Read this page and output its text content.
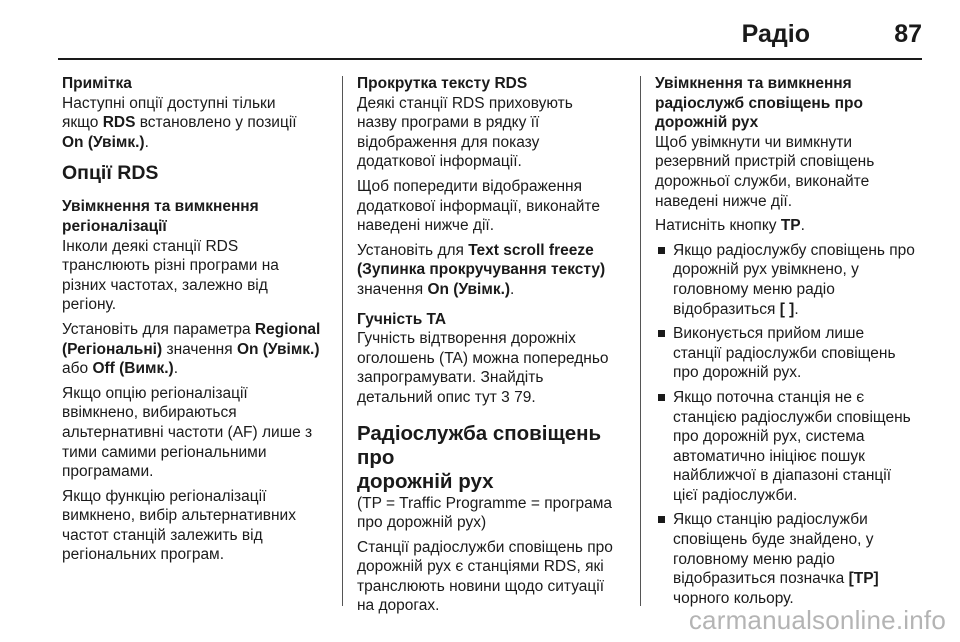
Радіо	87
Примітка
Наступні опції доступні тільки
якщо RDS встановлено у позиції
On (Увімк.).
Опції RDS
Увімкнення та вимкнення
регіоналізації

Інколи деякі станції RDS
транслюють різні програми на
різних частотах, залежно від
регіону.

Установіть для параметра Regional
(Регіональні) значення On (Увімк.)
або Off (Вимк.).

Якщо опцію регіоналізації
ввімкнено, вибираються
альтернативні частоти (AF) лише з
тими самими регіональними
програмами.

Якщо функцію регіоналізації
вимкнено, вибір альтернативних
частот станцій залежить від
регіональних програм.

Прокрутка тексту RDS

Деякі станції RDS приховують
назву програми в рядку її
відображення для показу
додаткової інформації.

Щоб попередити відображення
додаткової інформації, виконайте
наведені нижче дії.

Установіть для Text scroll freeze
(Зупинка прокручування тексту)
значення On (Увімк.).

Гучність TA

Гучність відтворення дорожніх
оголошень (TA) можна попередньо
запрограмувати. Знайдіть
детальний опис тут 3 79.

Радіослужба сповіщень про
дорожній рух

(TP = Traffic Programme = програма
про дорожній рух)

Станції радіослужби сповіщень про
дорожній рух є станціями RDS, які
транслюють новини щодо ситуації
на дорогах.

Увімкнення та вимкнення
радіослужб сповіщень про
дорожній рух

Щоб увімкнути чи вимкнути
резервний пристрій сповіщень
дорожньої служби, виконайте
наведені нижче дії.

Натисніть кнопку TP.

Якщо радіослужбу сповіщень про
дорожній рух увімкнено, у
головному меню радіо
відобразиться [ ].
Виконується прийом лише
станції радіослужби сповіщень
про дорожній рух.
Якщо поточна станція не є
станцією радіослужби сповіщень
про дорожній рух, система
автоматично ініціює пошук
найближчої в діапазоні станції
цієї радіослужби.
Якщо станцію радіослужби
сповіщень буде знайдено, у
головному меню радіо
відобразиться позначка [TP]
чорного кольору.
carmanualsonline.info
